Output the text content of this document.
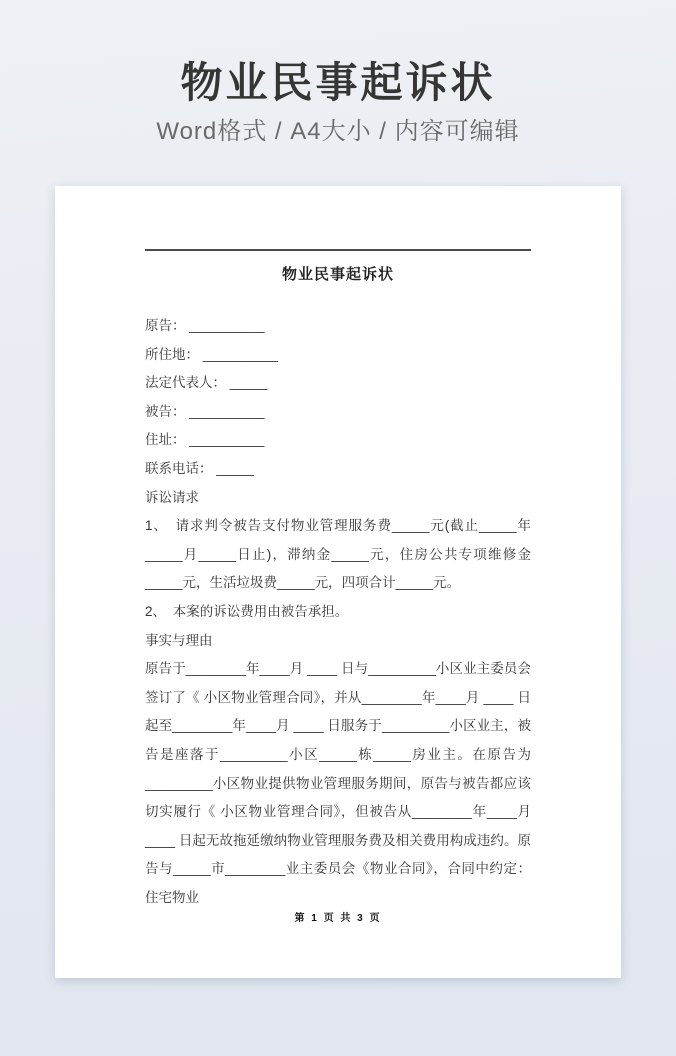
物业民事起诉状

Word格式 / A4大小 / 内容可编辑

物业民事起诉状
原告： __________
所住地： __________
法定代表人： _____
被告： __________
住址： __________
联系电话： _____
诉讼请求

1、　请求判令被告支付物业管理服务费_____元(截止_____年_____月_____日止)，滞纳金_____元，住房公共专项维修金_____元，生活垃圾费_____元，四项合计_____元。

2、　本案的诉讼费用由被告承担。

事实与理由

原告于________年____月 ____ 日与_________小区业主委员会签订了《 小区物业管理合同》，并从________年____月 ____ 日起至________年____月 ____ 日服务于_________小区业主，被告是座落于_________小区_____栋_____房业主。在原告为_________小区物业提供物业管理服务期间，原告与被告都应该切实履行《 小区物业管理合同》，但被告从________年____月 ____ 日起无故拖延缴纳物业管理服务费及相关费用构成违约。原告与_____市________业主委员会《物业合同》，合同中约定：住宅物业

第 1 页 共 3 页
